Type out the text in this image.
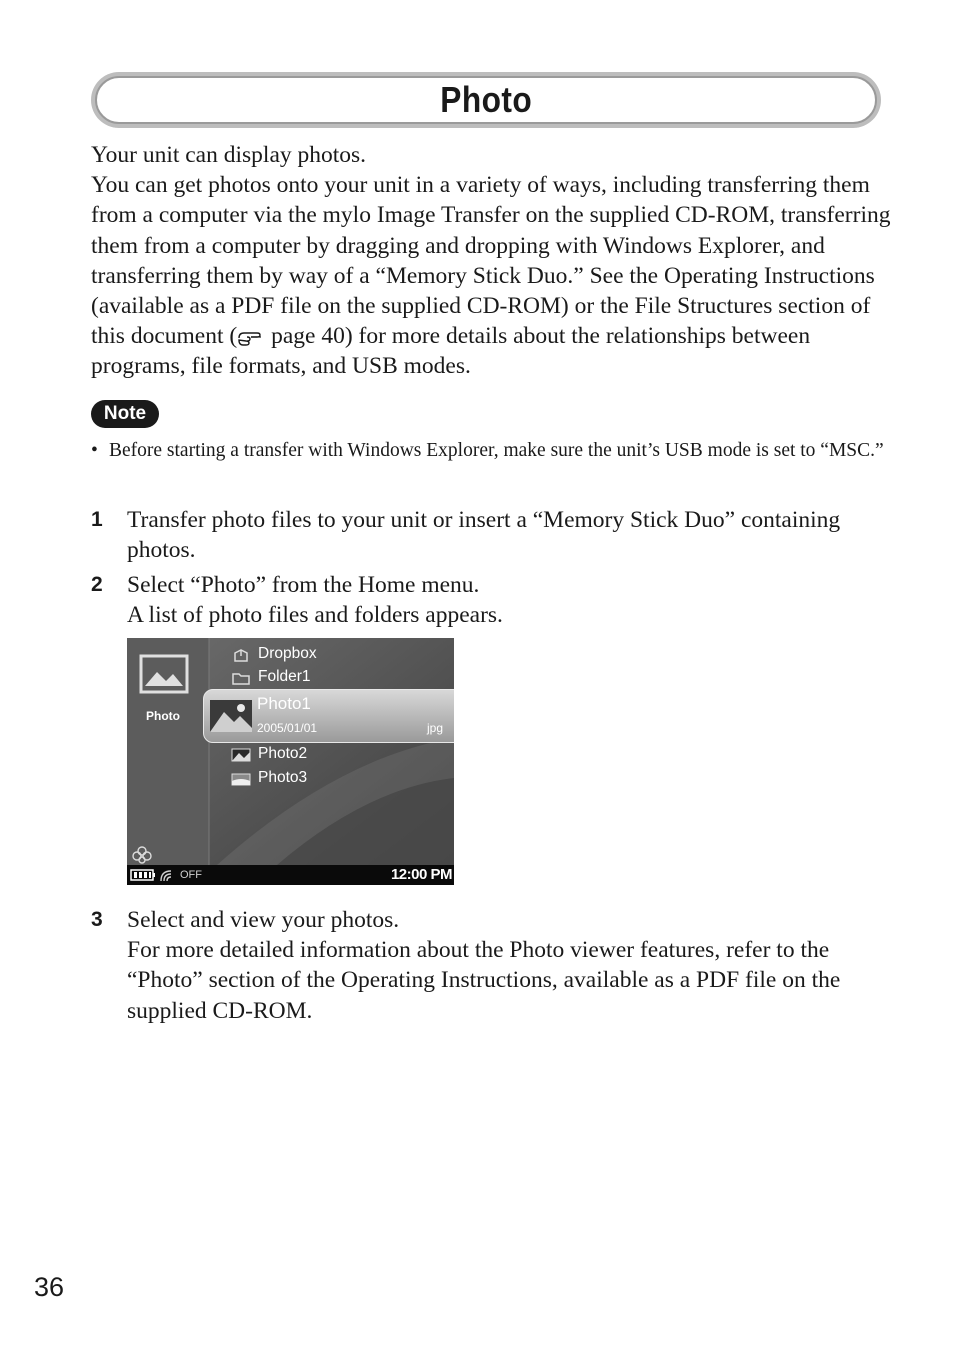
Photo

Your unit can display photos.

You can get photos onto your unit in a variety of ways, including transferring them from a computer via the mylo Image Transfer on the supplied CD-ROM, transferring them from a computer by dragging and dropping with Windows Explorer, and transferring them by way of a “Memory Stick Duo.” See the Operating Instructions (available as a PDF file on the supplied CD-ROM) or the File Structures section of this document ( page 40) for more details about the relationships between programs, file formats, and USB modes.

Note
• Before starting a transfer with Windows Explorer, make sure the unit’s USB mode is set to “MSC.”
1 Transfer photo files to your unit or insert a “Memory Stick Duo” containing photos.
2 Select “Photo” from the Home menu.
A list of photo files and folders appears.
Photo
Dropbox
Folder1
Photo1
2005/01/01	jpg
Photo2
Photo3
OFF	12:00 PM
3 Select and view your photos.
For more detailed information about the Photo viewer features, refer to the “Photo” section of the Operating Instructions, available as a PDF file on the supplied CD-ROM.
36
